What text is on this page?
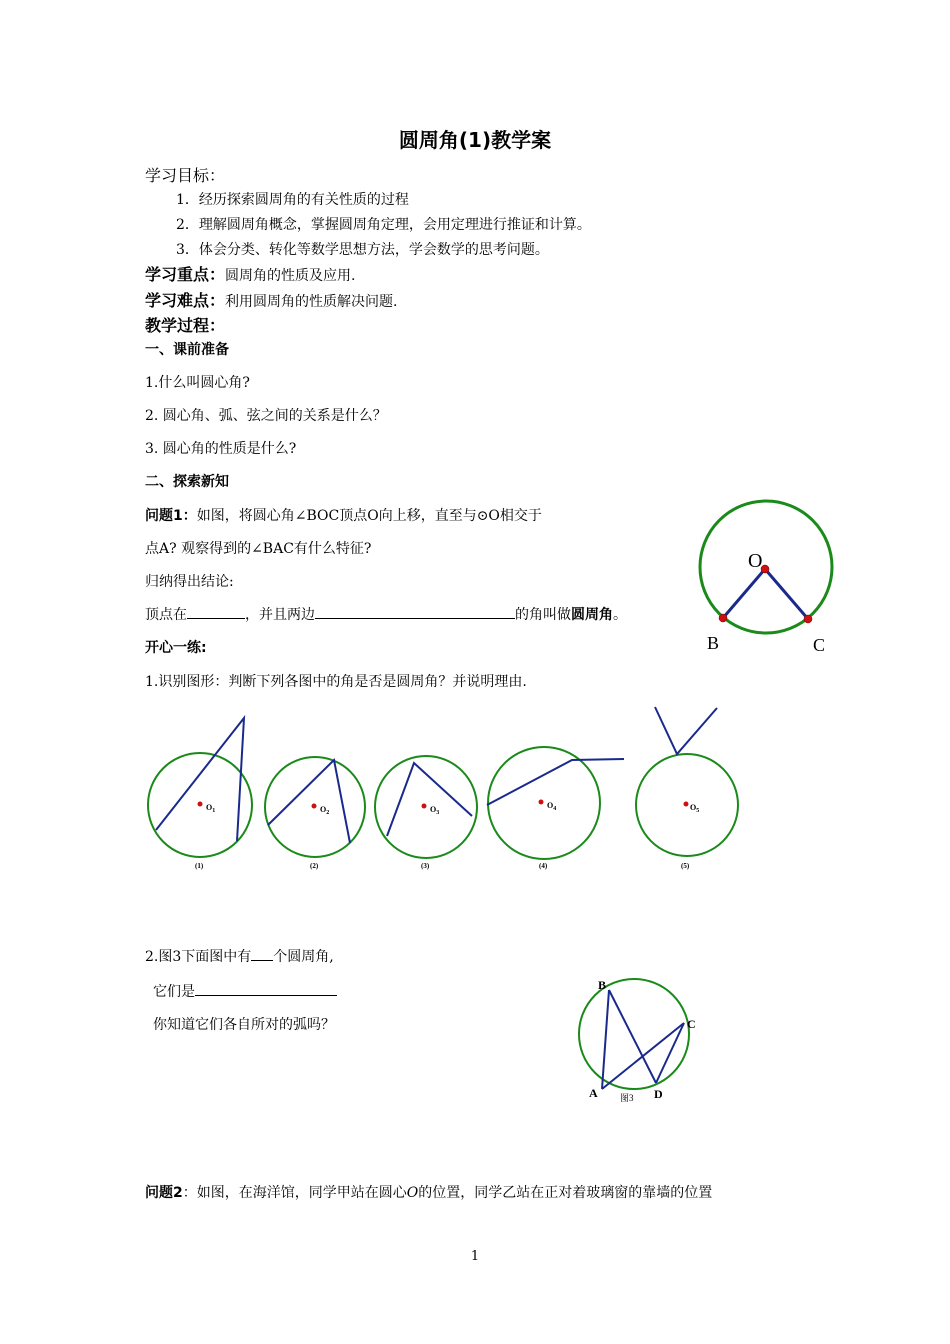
圆周角(1)教学案
学习目标：
1．经历探索圆周角的有关性质的过程
2．理解圆周角概念，掌握圆周角定理，会用定理进行推证和计算。
3．体会分类、转化等数学思想方法，学会数学的思考问题。
学习重点：圆周角的性质及应用.
学习难点：利用圆周角的性质解决问题.
教学过程：
一、课前准备
1.什么叫圆心角?
2. 圆心角、弧、弦之间的关系是什么？
3. 圆心角的性质是什么?
二、探索新知
问题1：如图，将圆心角∠BOC顶点O向上移，直至与⊙O相交于
点A? 观察得到的∠BAC有什么特征?
归纳得出结论:
顶点在	，并且两边	的角叫做圆周角。
O
B	C
开心一练:
1.识别图形：判断下列各图中的角是否是圆周角？并说明理由.
$O_1$
(1)
$O_2$
(2)
$O_3$
(3)
$O_4$
(4)
$O_5$
(5)
2.图3下面图中有 个圆周角,
它们是
你知道它们各自所对的弧吗？
B
C
A	D
图3
问题2：如图，在海洋馆，同学甲站在圆心O的位置，同学乙站在正对着玻璃窗的靠墙的位置
1
